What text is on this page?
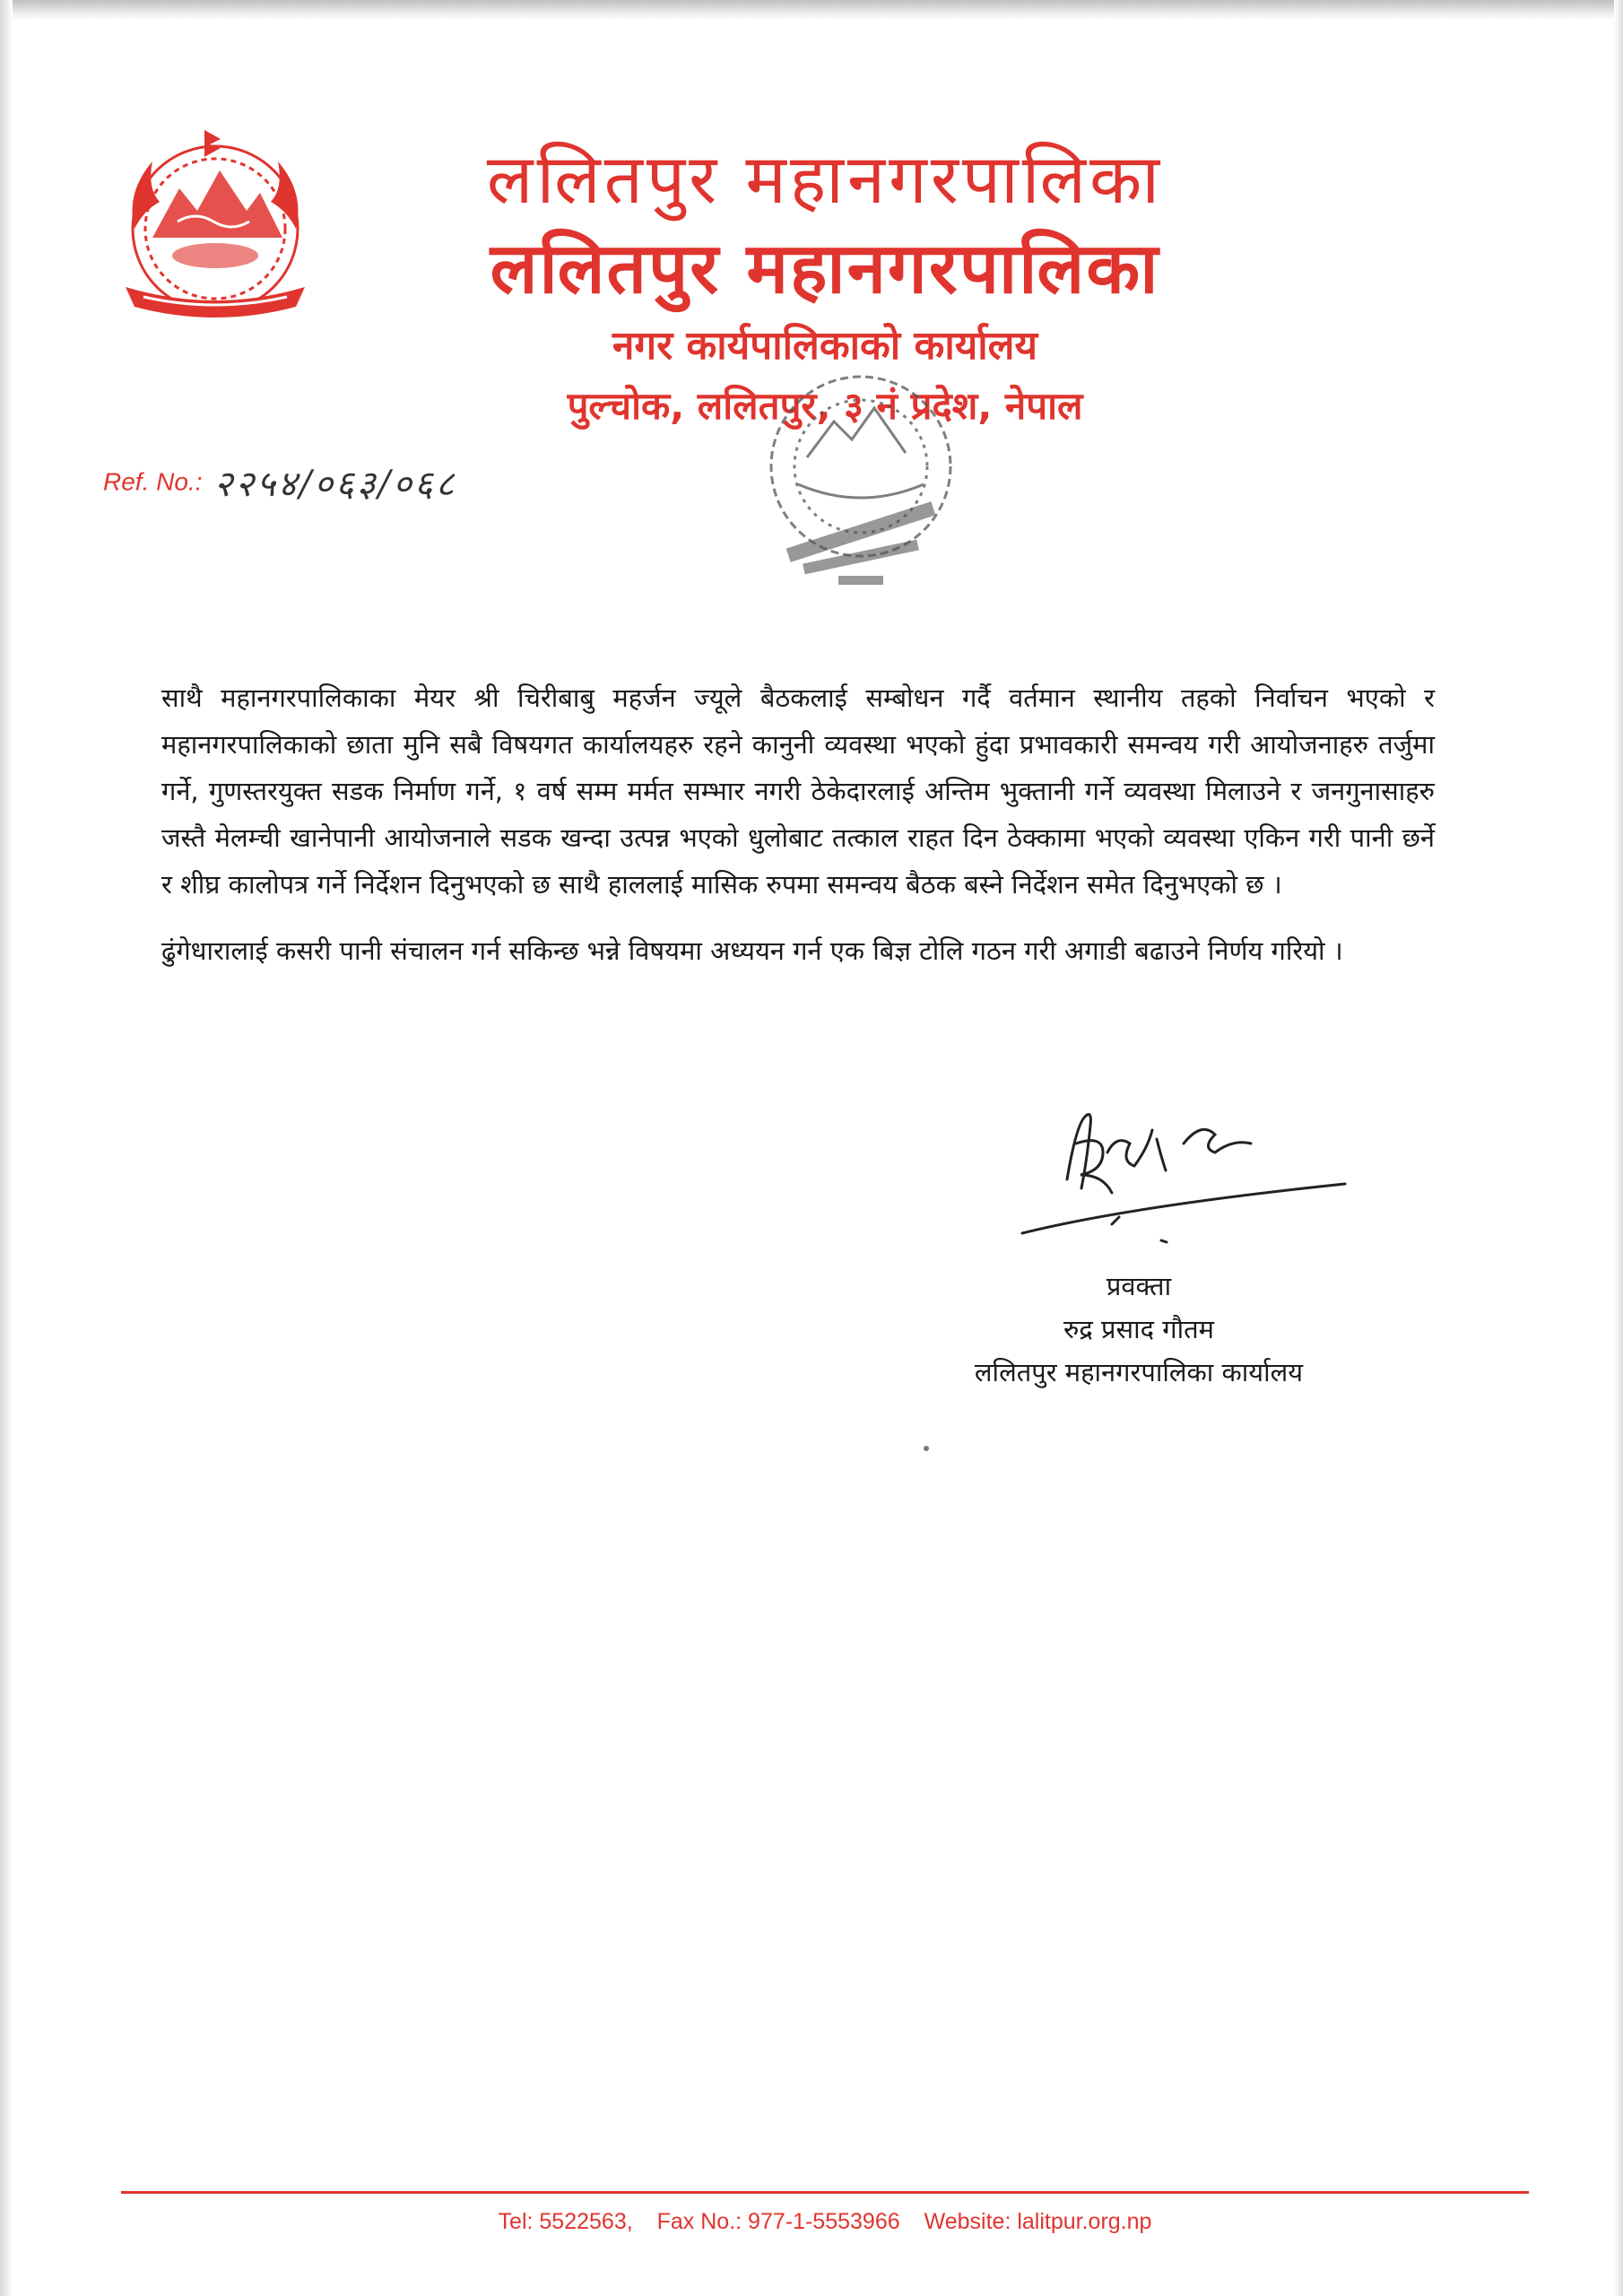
ललितपुर महानगरपालिका
ललितपुर महानगरपालिका
नगर कार्यपालिकाको कार्यालय
पुल्चोक, ललितपुर, ३ नं प्रदेश, नेपाल
Ref. No.: २२५४/०६३/०६८

साथै महानगरपालिकाका मेयर श्री चिरीबाबु महर्जन ज्यूले बैठकलाई सम्बोधन गर्दै वर्तमान स्थानीय तहको निर्वाचन भएको र महानगरपालिकाको छाता मुनि सबै विषयगत कार्यालयहरु रहने कानुनी व्यवस्था भएको हुंदा प्रभावकारी समन्वय गरी आयोजनाहरु तर्जुमा गर्ने, गुणस्तरयुक्त सडक निर्माण गर्ने, १ वर्ष सम्म मर्मत सम्भार नगरी ठेकेदारलाई अन्तिम भुक्तानी गर्ने व्यवस्था मिलाउने र जनगुनासाहरु जस्तै मेलम्ची खानेपानी आयोजनाले सडक खन्दा उत्पन्न भएको धुलोबाट तत्काल राहत दिन ठेक्कामा भएको व्यवस्था एकिन गरी पानी छर्ने र शीघ्र कालोपत्र गर्ने निर्देशन दिनुभएको छ साथै हाललाई मासिक रुपमा समन्वय बैठक बस्ने निर्देशन समेत दिनुभएको छ ।

ढुंगेधारालाई कसरी पानी संचालन गर्न सकिन्छ भन्ने विषयमा अध्ययन गर्न एक बिज्ञ टोलि गठन गरी अगाडी बढाउने निर्णय गरियो ।

प्रवक्ता
रुद्र प्रसाद गौतम
ललितपुर महानगरपालिका कार्यालय
Tel: 5522563, Fax No.: 977-1-5553966 Website: lalitpur.org.np
